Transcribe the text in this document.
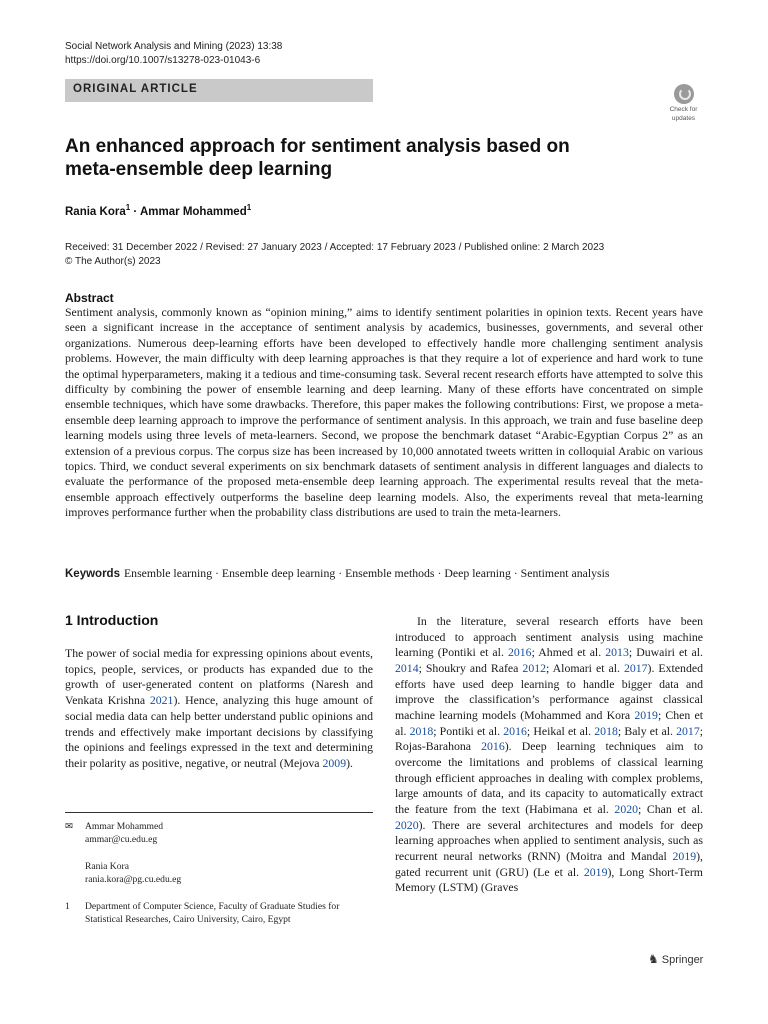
Social Network Analysis and Mining (2023) 13:38
https://doi.org/10.1007/s13278-023-01043-6
ORIGINAL ARTICLE
Check for
updates
An enhanced approach for sentiment analysis based on meta-ensemble deep learning
Rania Kora$^1$ · Ammar Mohammed$^1$
Received: 31 December 2022 / Revised: 27 January 2023 / Accepted: 17 February 2023 / Published online: 2 March 2023
© The Author(s) 2023
Abstract
Sentiment analysis, commonly known as “opinion mining,” aims to identify sentiment polarities in opinion texts. Recent years have seen a significant increase in the acceptance of sentiment analysis by academics, businesses, governments, and several other organizations. Numerous deep-learning efforts have been developed to effectively handle more challenging sentiment analysis problems. However, the main difficulty with deep learning approaches is that they require a lot of experience and hard work to tune the optimal hyperparameters, making it a tedious and time-consuming task. Several recent research efforts have attempted to solve this difficulty by combining the power of ensemble learning and deep learning. Many of these efforts have concentrated on simple ensemble techniques, which have some drawbacks. Therefore, this paper makes the following contributions: First, we propose a meta-ensemble deep learning approach to improve the performance of sentiment analysis. In this approach, we train and fuse baseline deep learning models using three levels of meta-learners. Second, we propose the benchmark dataset “Arabic-Egyptian Corpus 2” as an extension of a previous corpus. The corpus size has been increased by 10,000 annotated tweets written in colloquial Arabic on various topics. Third, we conduct several experiments on six benchmark datasets of sentiment analysis in different languages and dialects to evaluate the performance of the proposed meta-ensemble deep learning approach. The experimental results reveal that the meta-ensemble approach effectively outperforms the baseline deep learning models. Also, the experiments reveal that meta-learning improves performance further when the probability class distributions are used to train the meta-learners.
Keywords Ensemble learning · Ensemble deep learning · Ensemble methods · Deep learning · Sentiment analysis
1 Introduction
The power of social media for expressing opinions about events, topics, people, services, or products has expanded due to the growth of user-generated content on platforms (Naresh and Venkata Krishna 2021). Hence, analyzing this huge amount of social media data can help better understand public opinions and trends and effectively make important decisions by classifying the opinions and feelings expressed in the text and determining their polarity as positive, negative, or neutral (Mejova 2009).
In the literature, several research efforts have been introduced to approach sentiment analysis using machine learning (Pontiki et al. 2016; Ahmed et al. 2013; Duwairi et al. 2014; Shoukry and Rafea 2012; Alomari et al. 2017). Extended efforts have used deep learning to handle bigger data and improve the classification’s performance against classical machine learning models (Mohammed and Kora 2019; Chen et al. 2018; Pontiki et al. 2016; Heikal et al. 2018; Baly et al. 2017; Rojas-Barahona 2016). Deep learning techniques aim to overcome the limitations and problems of classical learning through efficient approaches in dealing with complex problems, large amounts of data, and its capacity to automatically extract the feature from the text (Habimana et al. 2020; Chan et al. 2020). There are several architectures and models for deep learning approaches when applied to sentiment analysis, such as recurrent neural networks (RNN) (Moitra and Mandal 2019), gated recurrent unit (GRU) (Le et al. 2019), Long Short-Term Memory (LSTM) (Graves
✉ Ammar Mohammed
ammar@cu.edu.eg
Rania Kora
rania.kora@pg.cu.edu.eg
1 Department of Computer Science, Faculty of Graduate Studies for Statistical Researches, Cairo University, Cairo, Egypt
♞ Springer
